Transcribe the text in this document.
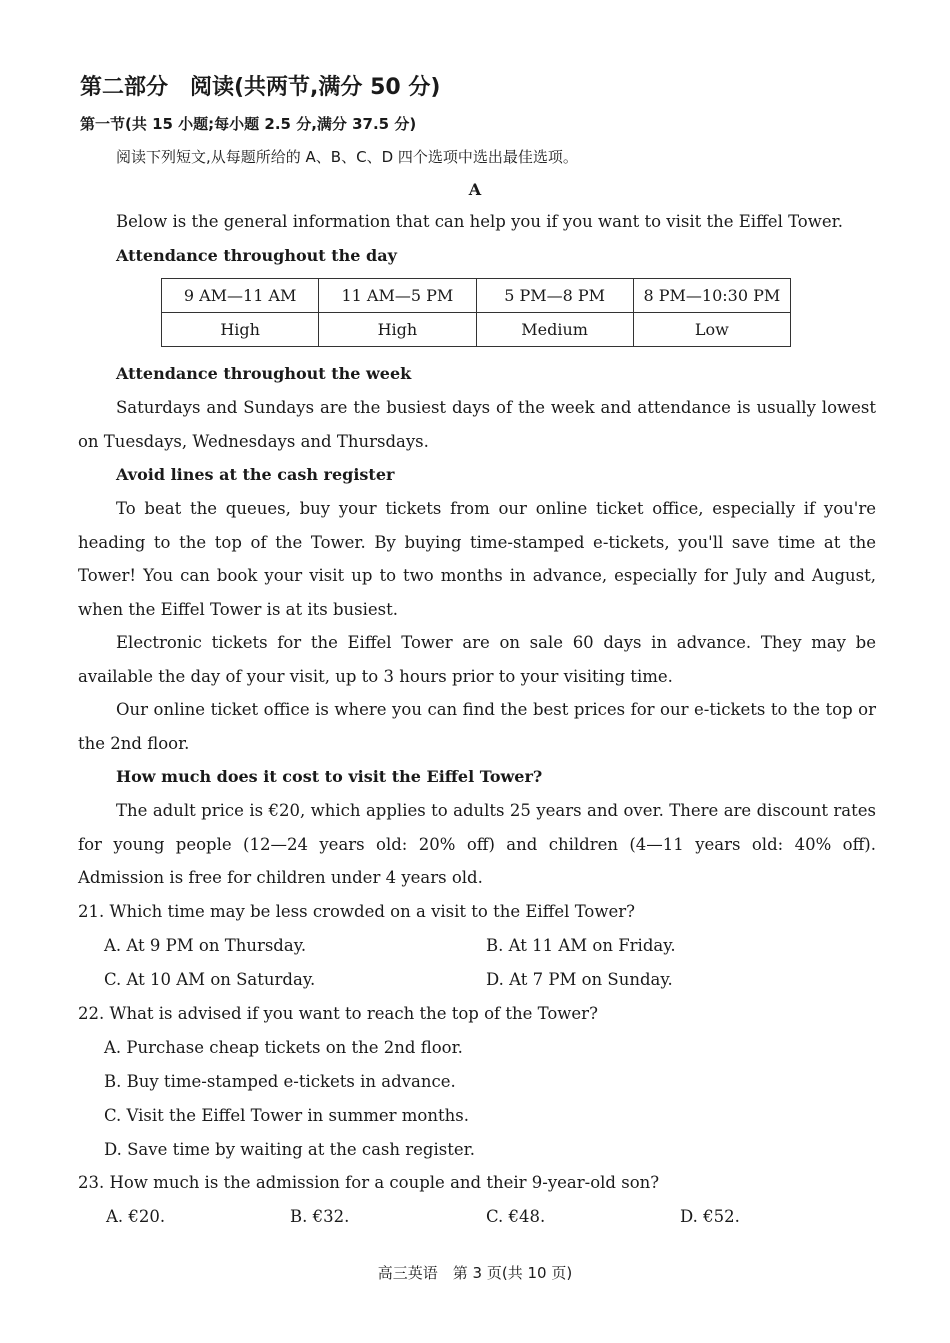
第二部分　阅读(共两节,满分 50 分)
第一节(共 15 小题;每小题 2.5 分,满分 37.5 分)
阅读下列短文,从每题所给的 A、B、C、D 四个选项中选出最佳选项。
A
Below is the general information that can help you if you want to visit the Eiffel Tower.
Attendance throughout the day
9 AM—11 AM	11 AM—5 PM	5 PM—8 PM	8 PM—10:30 PM
High	High	Medium	Low
Attendance throughout the week
Saturdays and Sundays are the busiest days of the week and attendance is usually lowest on Tuesdays, Wednesdays and Thursdays.
Avoid lines at the cash register
To beat the queues, buy your tickets from our online ticket office, especially if you're heading to the top of the Tower. By buying time-stamped e-tickets, you'll save time at the Tower! You can book your visit up to two months in advance, especially for July and August, when the Eiffel Tower is at its busiest.
Electronic tickets for the Eiffel Tower are on sale 60 days in advance. They may be available the day of your visit, up to 3 hours prior to your visiting time.
Our online ticket office is where you can find the best prices for our e-tickets to the top or the 2nd floor.
How much does it cost to visit the Eiffel Tower?
The adult price is €20, which applies to adults 25 years and over. There are discount rates for young people (12—24 years old: 20% off) and children (4—11 years old: 40% off). Admission is free for children under 4 years old.
21. Which time may be less crowded on a visit to the Eiffel Tower?
A. At 9 PM on Thursday.	B. At 11 AM on Friday.
C. At 10 AM on Saturday.	D. At 7 PM on Sunday.
22. What is advised if you want to reach the top of the Tower?
A. Purchase cheap tickets on the 2nd floor.
B. Buy time-stamped e-tickets in advance.
C. Visit the Eiffel Tower in summer months.
D. Save time by waiting at the cash register.
23. How much is the admission for a couple and their 9-year-old son?
A. €20.	B. €32.	C. €48.	D. €52.
高三英语　第 3 页(共 10 页)
